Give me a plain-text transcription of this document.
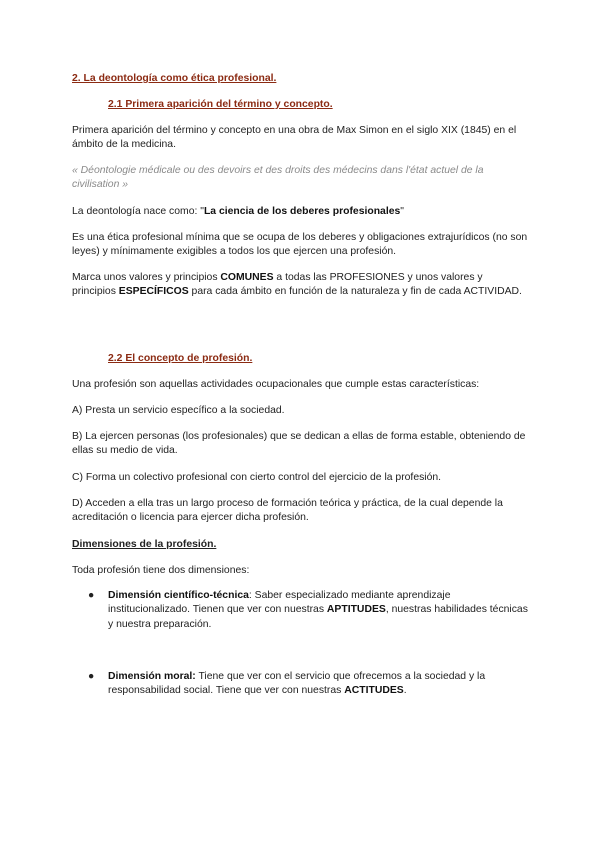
2. La deontología como ética profesional.

2.1 Primera aparición del término y concepto.

Primera aparición del término y concepto en una obra de Max Simon en el siglo XIX (1845) en el ámbito de la medicina.

« Déontologie médicale ou des devoirs et des droits des médecins dans l'état actuel de la civilisation »

La deontología nace como: "La ciencia de los deberes profesionales"

Es una ética profesional mínima que se ocupa de los deberes y obligaciones extrajurídicos (no son leyes) y mínimamente exigibles a todos los que ejercen una profesión.

Marca unos valores y principios COMUNES a todas las PROFESIONES y unos valores y principios ESPECÍFICOS para cada ámbito en función de la naturaleza y fin de cada ACTIVIDAD.

2.2 El concepto de profesión.

Una profesión son aquellas actividades ocupacionales que cumple estas características:

A) Presta un servicio específico a la sociedad.

B) La ejercen personas (los profesionales) que se dedican a ellas de forma estable, obteniendo de ellas su medio de vida.

C) Forma un colectivo profesional con cierto control del ejercicio de la profesión.

D) Acceden a ella tras un largo proceso de formación teórica y práctica, de la cual depende la acreditación o licencia para ejercer dicha profesión.

Dimensiones de la profesión.

Toda profesión tiene dos dimensiones:

● Dimensión científico-técnica: Saber especializado mediante aprendizaje institucionalizado. Tienen que ver con nuestras APTITUDES, nuestras habilidades técnicas y nuestra preparación.

● Dimensión moral: Tiene que ver con el servicio que ofrecemos a la sociedad y la responsabilidad social. Tiene que ver con nuestras ACTITUDES.
